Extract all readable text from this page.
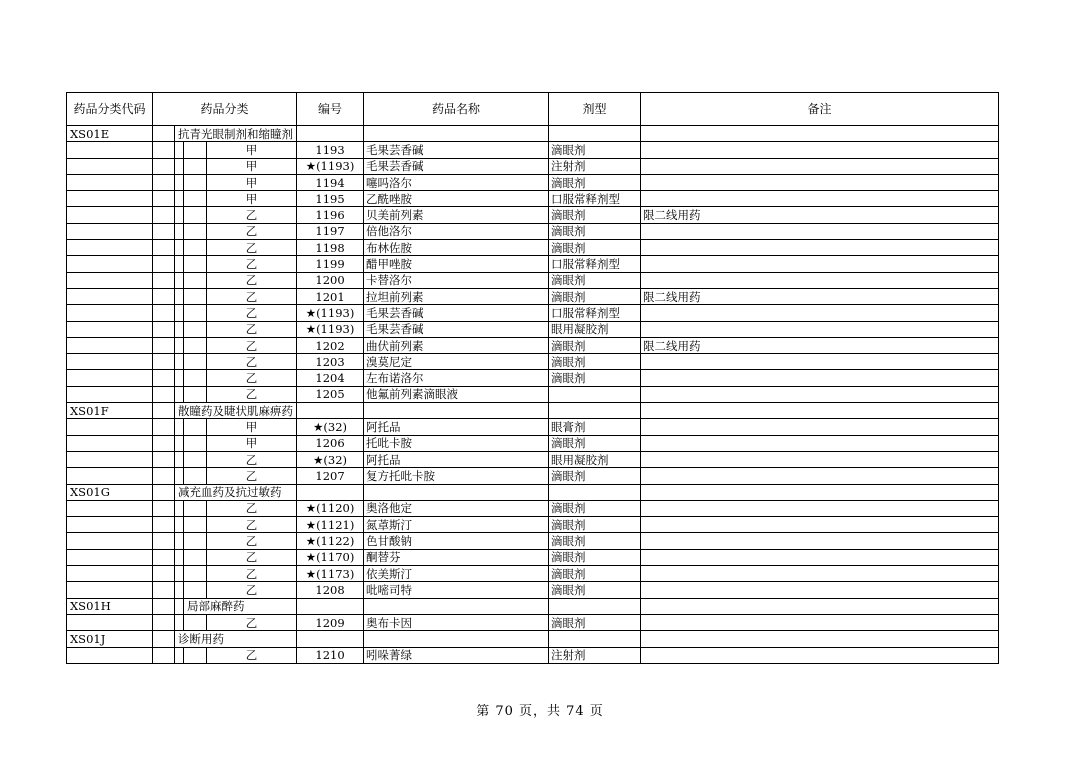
药品分类代码	药品分类				编号	药品名称	剂型	备注
XS01E		抗青光眼制剂和缩瞳剂						
				甲	1193	毛果芸香碱	滴眼剂	
				甲	★(1193)	毛果芸香碱	注射剂	
				甲	1194	噻吗洛尔	滴眼剂	
				甲	1195	乙酰唑胺	口服常释剂型	
				乙	1196	贝美前列素	滴眼剂	限二线用药
				乙	1197	倍他洛尔	滴眼剂	
				乙	1198	布林佐胺	滴眼剂	
				乙	1199	醋甲唑胺	口服常释剂型	
				乙	1200	卡替洛尔	滴眼剂	
				乙	1201	拉坦前列素	滴眼剂	限二线用药
				乙	★(1193)	毛果芸香碱	口服常释剂型	
				乙	★(1193)	毛果芸香碱	眼用凝胶剂	
				乙	1202	曲伏前列素	滴眼剂	限二线用药
				乙	1203	溴莫尼定	滴眼剂	
				乙	1204	左布诺洛尔	滴眼剂	
				乙	1205	他氟前列素滴眼液		
XS01F		散瞳药及睫状肌麻痹药						
				甲	★(32)	阿托品	眼膏剂	
				甲	1206	托吡卡胺	滴眼剂	
				乙	★(32)	阿托品	眼用凝胶剂	
				乙	1207	复方托吡卡胺	滴眼剂	
XS01G		减充血药及抗过敏药						
				乙	★(1120)	奥洛他定	滴眼剂	
				乙	★(1121)	氮䓬斯汀	滴眼剂	
				乙	★(1122)	色甘酸钠	滴眼剂	
				乙	★(1170)	酮替芬	滴眼剂	
				乙	★(1173)	依美斯汀	滴眼剂	
				乙	1208	吡嘧司特	滴眼剂	
XS01H			局部麻醉药					
				乙	1209	奥布卡因	滴眼剂	
XS01J		诊断用药						
				乙	1210	吲哚菁绿	注射剂	
第 70 页，共 74 页
